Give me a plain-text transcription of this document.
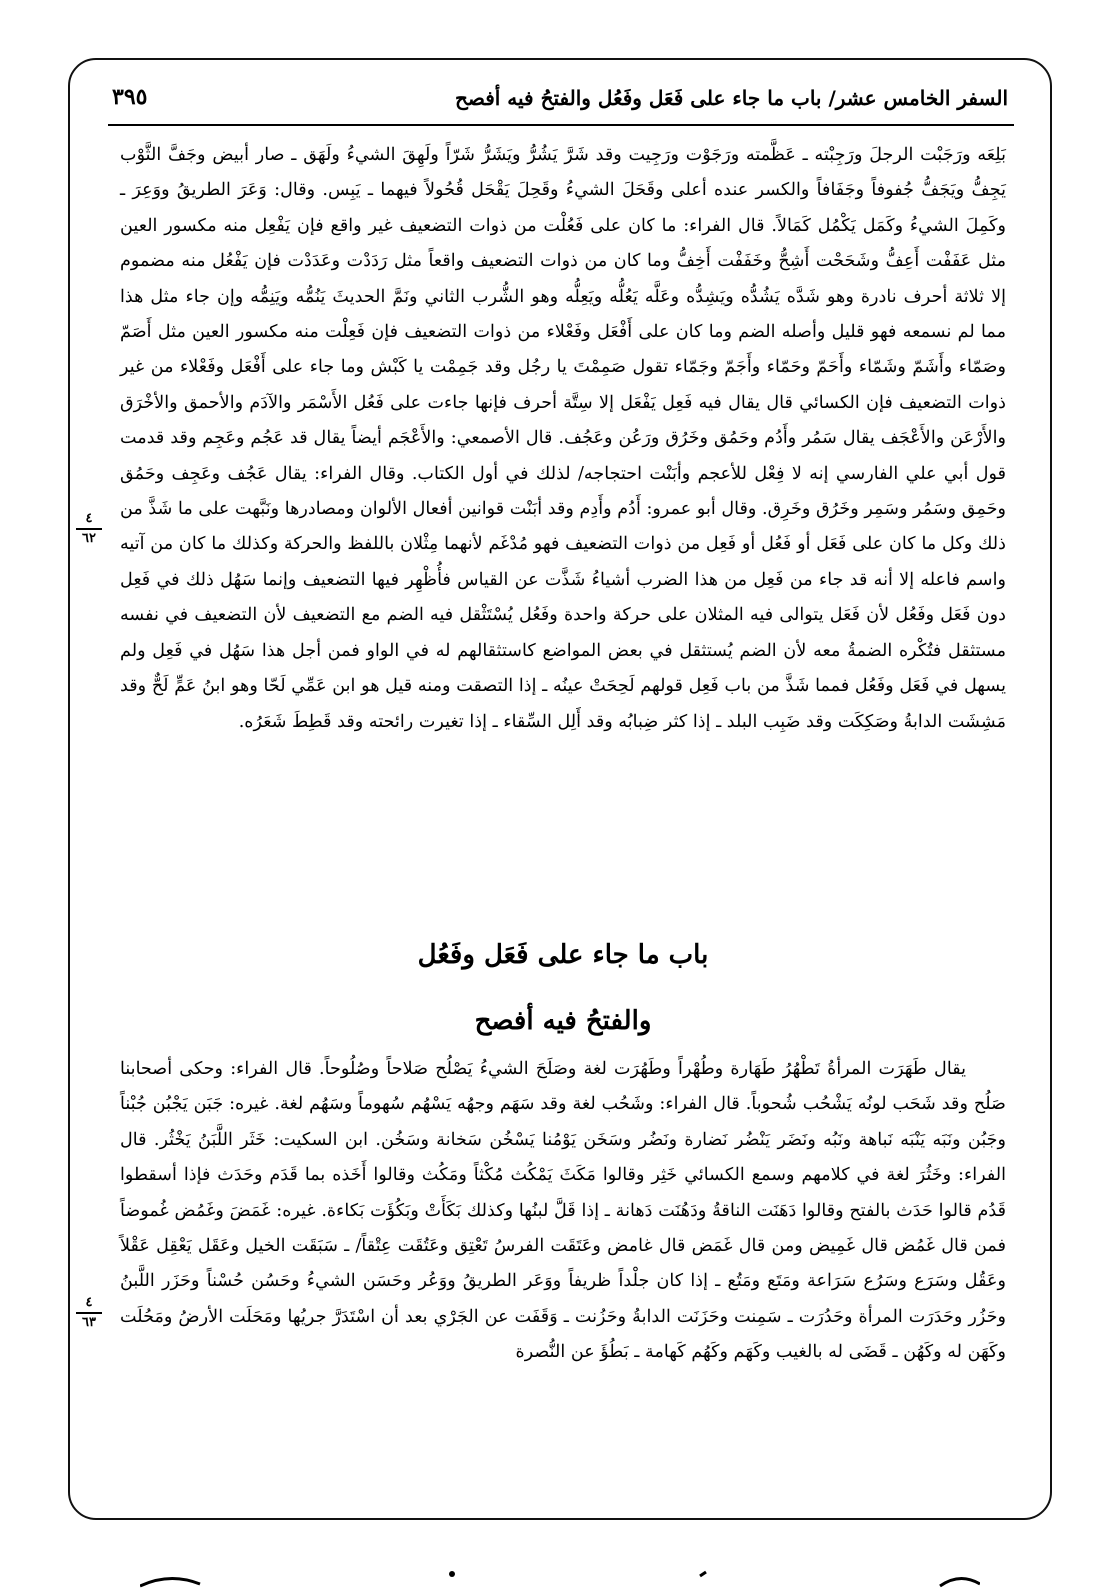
السفر الخامس عشر/ باب ما جاء على فَعَل وفَعُل والفتحُ فيه أفصح
٣٩٥

بَلِعَه ورَجَبْت الرجلَ ورَجِبْته ـ عَظَّمته ورَجَوْت ورَجِيت وقد شَرَّ يَشُرُّ ويَشَرُّ شَرّاً ولَهِقَ الشيءُ ولَهَق ـ صار أبيض وجَفَّ الثَّوْب يَجِفُّ ويَجَفُّ جُفوفاً وجَفَافاً والكسر عنده أعلى وقَحَلَ الشيءُ وقَحِلَ يَقْحَل قُحُولاً فيهما ـ يَبِس. وقال: وَعَرَ الطريقُ ووَعِرَ ـ وكَمِلَ الشيءُ وكَمَل يَكْمُل كَمَالاً. قال الفراء: ما كان على فَعُلْت من ذوات التضعيف غير واقع فإن يَفْعِل منه مكسور العين مثل عَفَفْت أَعِفُّ وشَحَحْت أَشِحُّ وخَفَفْت أَخِفُّ وما كان من ذوات التضعيف واقعاً مثل رَدَدْت وعَدَدْت فإن يَفْعُل منه مضموم إلا ثلاثة أحرف نادرة وهو شَدَّه يَشُدُّه ويَشِدُّه وعَلَّه يَعُلُّه ويَعِلُّه وهو الشُّرب الثاني ونَمَّ الحديثَ يَنُمُّه ويَنِمُّه وإن جاء مثل هذا مما لم نسمعه فهو قليل وأصله الضم وما كان على أَفْعَل وفَعْلاء من ذوات التضعيف فإن فَعِلْت منه مكسور العين مثل أَصَمّ وصَمّاء وأَشَمّ وشَمّاء وأَحَمّ وحَمّاء وأَجَمّ وجَمّاء تقول صَمِمْتَ يا رجُل وقد جَمِمْت يا كَبْش وما جاء على أَفْعَل وفَعْلاء من غير ذوات التضعيف فإن الكسائي قال يقال فيه فَعِل يَفْعَل إلا سِتَّة أحرف فإنها جاءت على فَعُل الأَسْمَر والآدَم والأحمق والأخْرَق والأَرْعَن والأَعْجَف يقال سَمُر وأَدُم وحَمُق وخَرُق ورَعُن وعَجُف. قال الأصمعي: والأَعْجَم أيضاً يقال قد عَجُم وعَجِم وقد قدمت قول أبي علي الفارسي إنه لا فِعْل للأعجم وأبَنْت احتجاجه/ لذلك في أول الكتاب. وقال الفراء: يقال عَجُف وعَجِف وحَمُق وحَمِق وسَمُر وسَمِر وخَرُق وخَرِق. وقال أبو عمرو: أَدُم وأَدِم وقد أبَنْت قوانين أفعال الألوان ومصادرها ونَبَّهت على ما شَذَّ من ذلك وكل ما كان على فَعَل أو فَعُل أو فَعِل من ذوات التضعيف فهو مُدْغَم لأنهما مِثْلان باللفظ والحركة وكذلك ما كان من آتيه واسم فاعله إلا أنه قد جاء من فَعِل من هذا الضرب أشياءُ شَذَّت عن القياس فأُظْهِر فيها التضعيف وإنما سَهُل ذلك في فَعِل دون فَعَل وفَعُل لأن فَعَل يتوالى فيه المثلان على حركة واحدة وفَعُل يُسْتَثْقل فيه الضم مع التضعيف لأن التضعيف في نفسه مستثقل فتُكْره الضمةُ معه لأن الضم يُستثقل في بعض المواضع كاستثقالهم له في الواو فمن أجل هذا سَهُل في فَعِل ولم يسهل في فَعَل وفَعُل فمما شَذَّ من باب فَعِل قولهم لَحِحَتْ عينُه ـ إذا التصقت ومنه قيل هو ابن عَمِّي لَحّا وهو ابنُ عَمٍّ لَحٌّ وقد مَشِشَت الدابةُ وصَكِكَت وقد ضَبِب البلد ـ إذا كثر ضِبابُه وقد أَلِل السِّقاء ـ إذا تغيرت رائحته وقد قَطِطَ شَعَرُه.

٤
٦٢
باب ما جاء على فَعَل وفَعُل
والفتحُ فيه أفصح
يقال طَهَرَت المرأةُ تَطْهُرُ طَهَارة وطُهْراً وطَهُرَت لغة وصَلَحَ الشيءُ يَصْلُح صَلاحاً وصُلُوحاً. قال الفراء: وحكى أصحابنا صَلُح وقد شَحَب لونُه يَشْحُب شُحوباً. قال الفراء: وشَحُب لغة وقد سَهَم وجهُه يَسْهُم سُهوماً وسَهُم لغة. غيره: جَبَن يَجْبُن جُبْناً وجَبُن ونَبَه يَنْبَه نَباهة ونَبُه ونَضَر يَنْضُر نَضارة ونَضُر وسَخَن يَوْمُنا يَسْخُن سَخانة وسَخُن. ابن السكيت: خَثَر اللَّبَنُ يَخْثُر. قال الفراء: وخَثُرَ لغة في كلامهم وسمع الكسائي خَثِر وقالوا مَكَثَ يَمْكُث مُكْثاً ومَكُث وقالوا أَخَذه بما قَدَم وحَدَث فإذا أسقطوا قَدُم قالوا حَدَث بالفتح وقالوا دَهَنَت الناقةُ ودَهُنَت دَهانة ـ إذا قَلَّ لبنُها وكذلك بَكَأَتْ وبَكُؤَت بَكاءة. غيره: غَمَضَ وغَمُض غُموضاً فمن قال غَمُض قال غَمِيض ومن قال غَمَض قال غامض وعَتَقَت الفرسُ تَعْتِق وعَتُقَت عِتْقاً/ ـ سَبَقَت الخيل وعَقَل يَعْقِل عَقْلاً وعَقُل وسَرَع وسَرُع سَرَاعة ومَتَع ومَتُع ـ إذا كان جلْداً ظريفاً ووَعَر الطريقُ ووَعُر وحَسَن الشيءُ وحَسُن حُسْناً وحَزَر اللَّبنُ وحَزُر وحَدَرَت المرأة وحَدُرَت ـ سَمِنت وحَزَنَت الدابةُ وحَزُنت ـ وَقَفَت عن الجَرْي بعد أن اسْتَدَرَّ جريُها ومَحَلَت الأرضُ ومَحُلَت وكَهَن له وكَهُن ـ قَضَى له بالغيب وكَهَم وكَهُم كَهامة ـ بَطُؤَ عن النُّصرة
٤
٦٣
